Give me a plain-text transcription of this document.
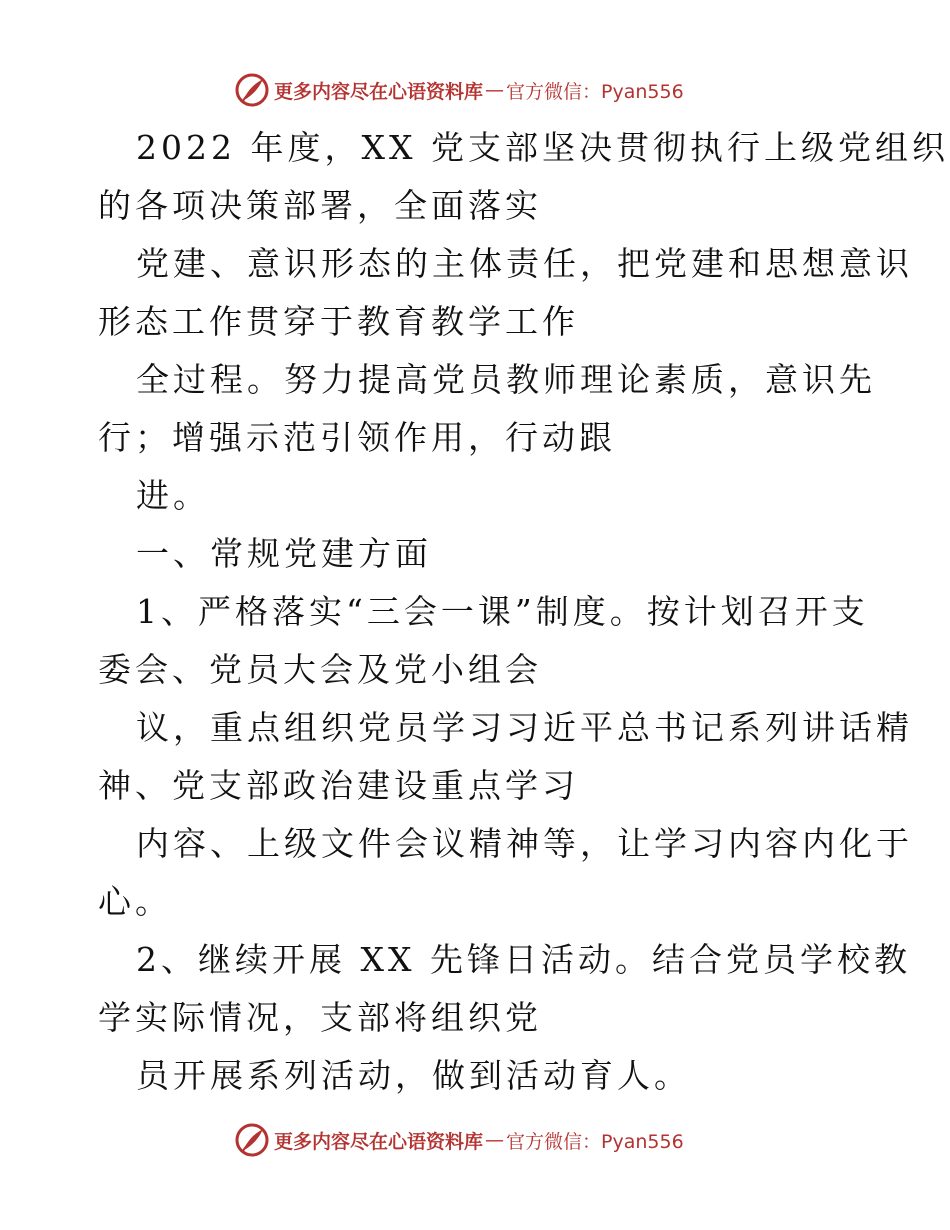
更多内容尽在心语资料库 — 官方微信：Pyan556
2022 年度，XX 党支部坚决贯彻执行上级党组织
的各项决策部署，全面落实
党建、意识形态的主体责任，把党建和思想意识
形态工作贯穿于教育教学工作
全过程。努力提高党员教师理论素质，意识先
行；增强示范引领作用，行动跟
进。
一、常规党建方面
1、严格落实“三会一课”制度。按计划召开支
委会、党员大会及党小组会
议，重点组织党员学习习近平总书记系列讲话精
神、党支部政治建设重点学习
内容、上级文件会议精神等，让学习内容内化于
心。
2、继续开展 XX 先锋日活动。结合党员学校教
学实际情况，支部将组织党
员开展系列活动，做到活动育人。
更多内容尽在心语资料库 — 官方微信：Pyan556
